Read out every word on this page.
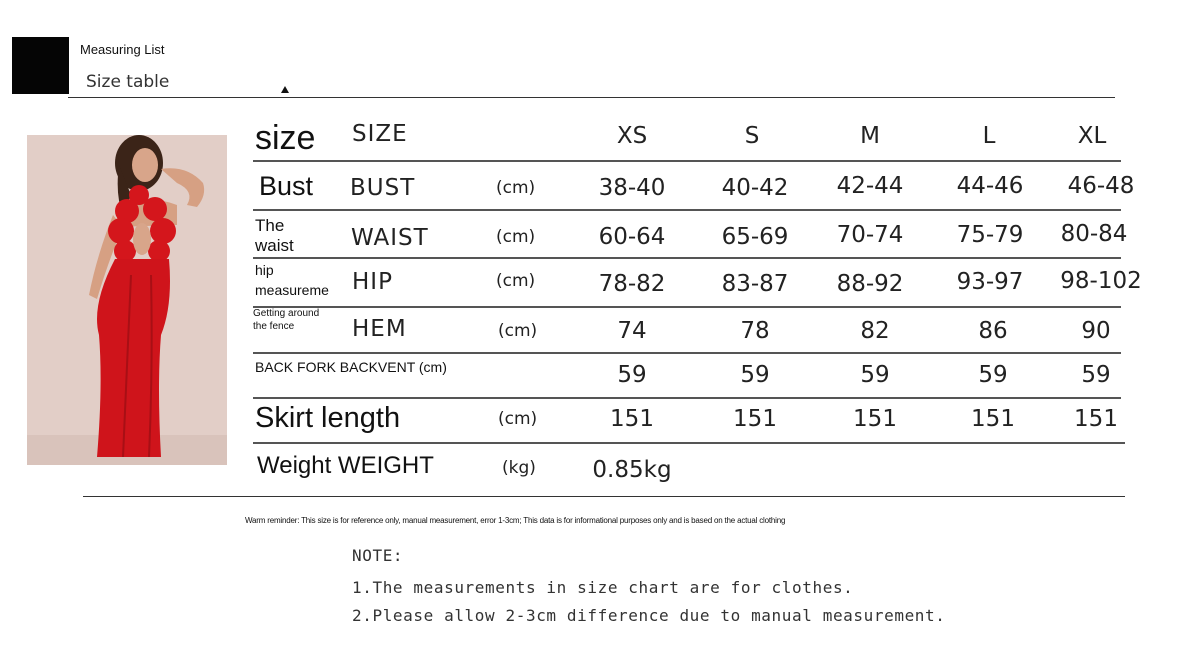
Measuring List
Size table
size SIZE	XS	S	M	L	XL
Bust BUST	(cm)	38-40	40-42	42-44	44-46	46-48
The
waist WAIST	(cm)	60-64	65-69	70-74	75-79	80-84
hip
measureme HIP	(cm)	78-82	83-87	88-92	93-97	98-102
Getting around
the fence	HEM	(cm)	74	78	82	86	90
BACK FORK BACKVENT (cm)	59	59	59	59	59
Skirt length	(cm)	151	151	151	151	151
Weight WEIGHT	(kg)	0.85kg
Warm reminder: This size is for reference only, manual measurement, error 1-3cm; This data is for informational purposes only and is based on the actual clothing
NOTE:
1.The measurements in size chart are for clothes.
2.Please allow 2-3cm difference due to manual measurement.
